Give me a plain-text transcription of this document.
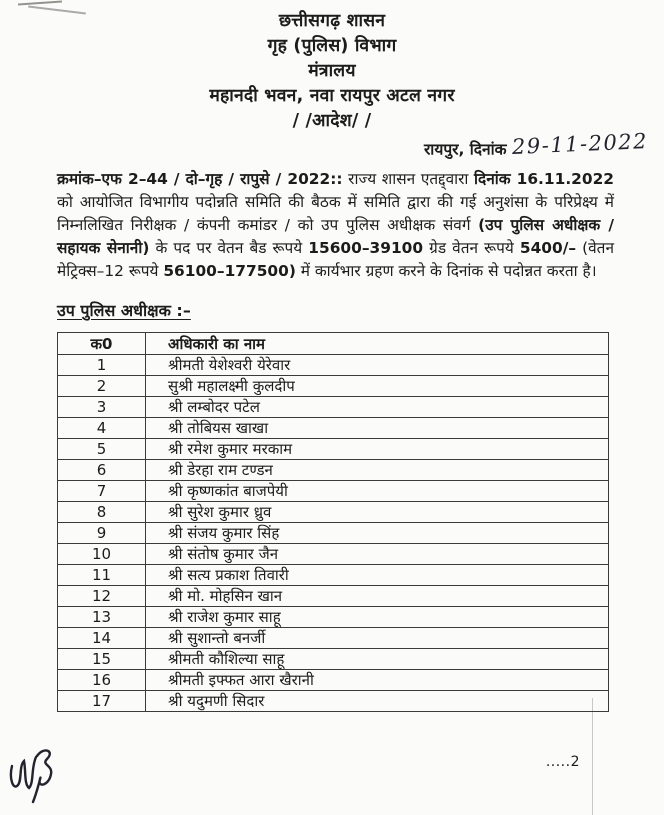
छत्तीसगढ़ शासन
गृह (पुलिस) विभाग
मंत्रालय
महानदी भवन, नवा रायपुर अटल नगर
/ /आदेश/ /
रायपुर, दिनांक 29-11-2022

क्रमांक–एफ 2–44 / दो–गृह / रापुसे / 2022:: राज्य शासन एतद्द्वारा दिनांक 16.11.2022 को आयोजित विभागीय पदोन्नति समिति की बैठक में समिति द्वारा की गई अनुशंसा के परिप्रेक्ष्य में निम्नलिखित निरीक्षक / कंपनी कमांडर / को उप पुलिस अधीक्षक संवर्ग (उप पुलिस अधीक्षक / सहायक सेनानी) के पद पर वेतन बैड रूपये 15600–39100 ग्रेड वेतन रूपये 5400/– (वेतन मेट्रिक्स–12 रूपये 56100–177500) में कार्यभार ग्रहण करने के दिनांक से पदोन्नत करता है।

उप पुलिस अधीक्षक :–
क0	अधिकारी का नाम
1	श्रीमती येशेश्वरी येरेवार
2	सुश्री महालक्ष्मी कुलदीप
3	श्री लम्बोदर पटेल
4	श्री तोबियस खाखा
5	श्री रमेश कुमार मरकाम
6	श्री डेरहा राम टण्डन
7	श्री कृष्णकांत बाजपेयी
8	श्री सुरेश कुमार ध्रुव
9	श्री संजय कुमार सिंह
10	श्री संतोष कुमार जैन
11	श्री सत्य प्रकाश तिवारी
12	श्री मो. मोहसिन खान
13	श्री राजेश कुमार साहू
14	श्री सुशान्तो बनर्जी
15	श्रीमती कौशिल्या साहू
16	श्रीमती इफ्फत आरा खैरानी
17	श्री यदुमणी सिदार
.....2
